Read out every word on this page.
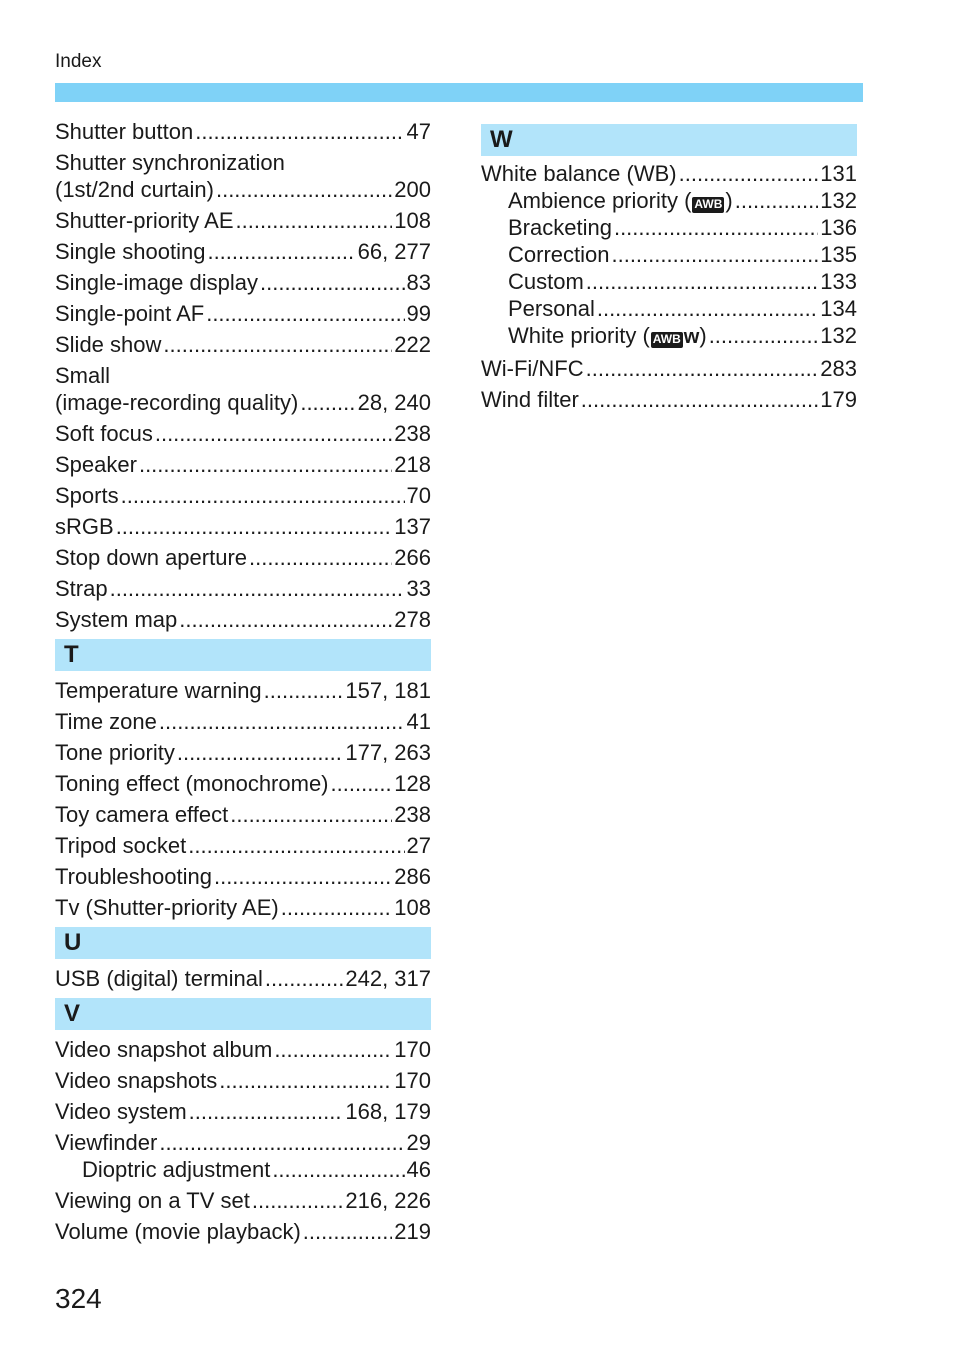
Index
Shutter button .....	47
Shutter synchronization
(1st/2nd curtain) .....	200
Shutter-priority AE .....	108
Single shooting .....	66, 277
Single-image display .....	83
Single-point AF .....	99
Slide show .....	222
Small
(image-recording quality) .....	28, 240
Soft focus .....	238
Speaker .....	218
Sports .....	70
sRGB .....	137
Stop down aperture .....	266
Strap .....	33
System map .....	278
T
Temperature warning .....	157, 181
Time zone .....	41
Tone priority .....	177, 263
Toning effect (monochrome) .....	128
Toy camera effect .....	238
Tripod socket .....	27
Troubleshooting .....	286
Tv (Shutter-priority AE) .....	108
U
USB (digital) terminal .....	242, 317
V
Video snapshot album .....	170
Video snapshots .....	170
Video system .....	168, 179
Viewfinder .....	29
Dioptric adjustment .....	46
Viewing on a TV set .....	216, 226
Volume (movie playback) .....	219
W
White balance (WB) .....	131
Ambience priority ( AWB ) .....	132
Bracketing .....	136
Correction .....	135
Custom .....	133
Personal .....	134
White priority ( AWB w ) .....	132
Wi-Fi/NFC .....	283
Wind filter .....	179
324
